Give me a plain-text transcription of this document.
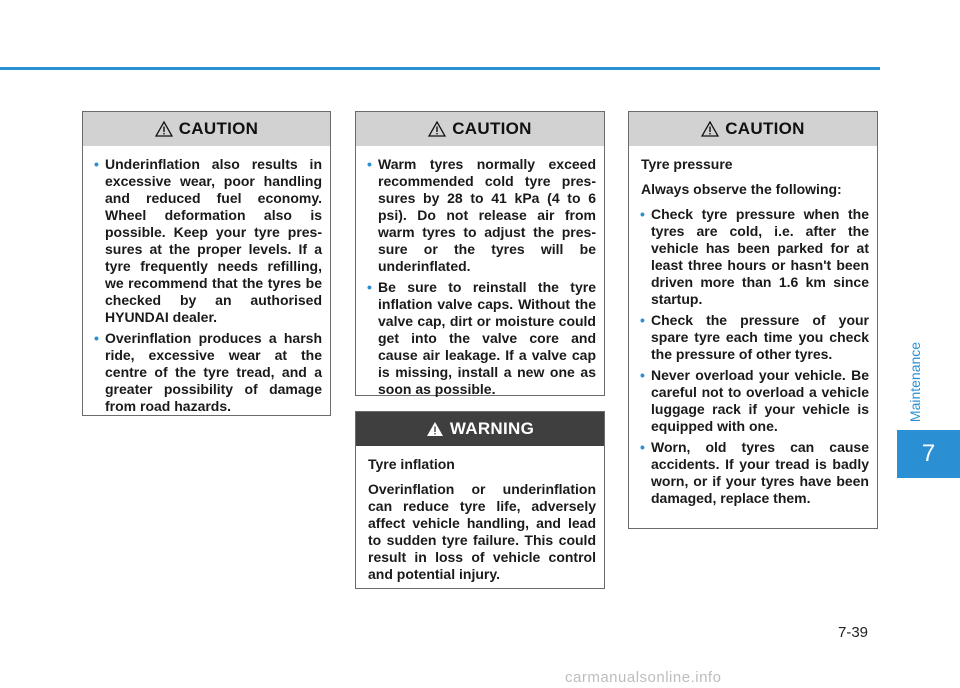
CAUTION
• Underinflation also results in excessive wear, poor handling and reduced fuel economy. Wheel deformation also is possible. Keep your tyre pres-sures at the proper levels. If a tyre frequently needs refilling, we recommend that the tyres be checked by an authorised HYUNDAI dealer.
• Overinflation produces a harsh ride, excessive wear at the centre of the tyre tread, and a greater possibility of damage from road hazards.
CAUTION
• Warm tyres normally exceed recommended cold tyre pres-sures by 28 to 41 kPa (4 to 6 psi). Do not release air from warm tyres to adjust the pres-sure or the tyres will be underinflated.
• Be sure to reinstall the tyre inflation valve caps. Without the valve cap, dirt or moisture could get into the valve core and cause air leakage. If a valve cap is missing, install a new one as soon as possible.
WARNING

Tyre inflation

Overinflation or underinflation can reduce tyre life, adversely affect vehicle handling, and lead to sudden tyre failure. This could result in loss of vehicle control and potential injury.

CAUTION

Tyre pressure

Always observe the following:

• Check tyre pressure when the tyres are cold, i.e. after the vehicle has been parked for at least three hours or hasn't been driven more than 1.6 km since startup.
• Check the pressure of your spare tyre each time you check the pressure of other tyres.
• Never overload your vehicle. Be careful not to overload a vehicle luggage rack if your vehicle is equipped with one.
• Worn, old tyres can cause accidents. If your tread is badly worn, or if your tyres have been damaged, replace them.
Maintenance
7
7-39
carmanualsonline.info
